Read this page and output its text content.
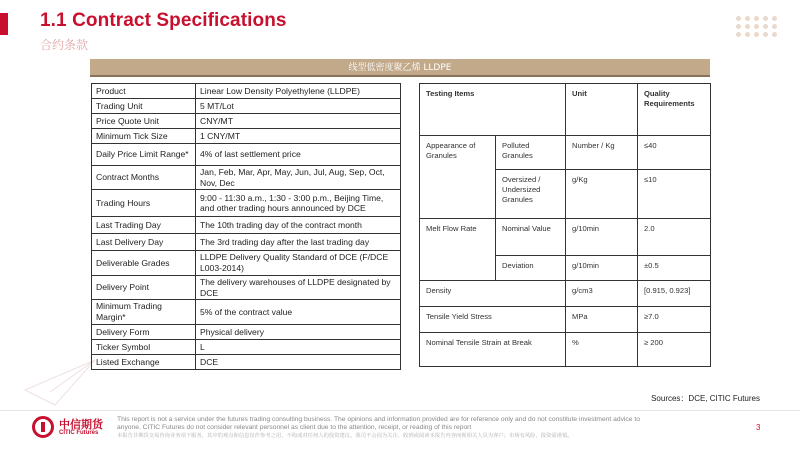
1.1 Contract Specifications
合约条款
线型低密度聚乙烯 LLDPE
Product	Linear Low Density Polyethylene (LLDPE)
Trading Unit	5 MT/Lot
Price Quote Unit	CNY/MT
Minimum Tick Size	1 CNY/MT
Daily Price Limit Range*	4% of last settlement price
Contract Months	Jan, Feb, Mar, Apr, May, Jun, Jul, Aug, Sep, Oct, Nov, Dec
Trading Hours	9:00 - 11:30 a.m., 1:30 - 3:00 p.m., Beijing Time, and other trading hours announced by DCE
Last Trading Day	The 10th trading day of the contract month
Last Delivery Day	The 3rd trading day after the last trading day
Deliverable Grades	LLDPE Delivery Quality Standard of DCE (F/DCE L003-2014)
Delivery Point	The delivery warehouses of LLDPE designated by DCE
Minimum Trading Margin*	5% of the contract value
Delivery Form	Physical delivery
Ticker Symbol	L
Listed Exchange	DCE
Testing Items		Unit	Quality Requirements
Appearance of Granules	Polluted Granules	Number / Kg	≤40
	Oversized / Undersized Granules	g/Kg	≤10
Melt Flow Rate	Nominal Value	g/10min	2.0
	Deviation	g/10min	±0.5
Density		g/cm3	[0.915, 0.923]
Tensile Yield Stress		MPa	≥7.0
Nominal Tensile Strain at Break		%	≥ 200
Sources：DCE, CITIC Futures
中信期货
CITIC Futures
This report is not a service under the futures trading consulting business. The opinions and information provided are for reference only and do not constitute investment advice to anyone. CITIC Futures do not consider relevant personnel as client due to the attention, receipt, or reading of this report
本报告非期货交易咨询业务项下服务，其中的观点和信息仅作参考之用，不构成对任何人的投资建议。我司不会因为关注、收到或阅读本报告内容而视相关人员为客户；市场有风险，投资需谨慎。
3
